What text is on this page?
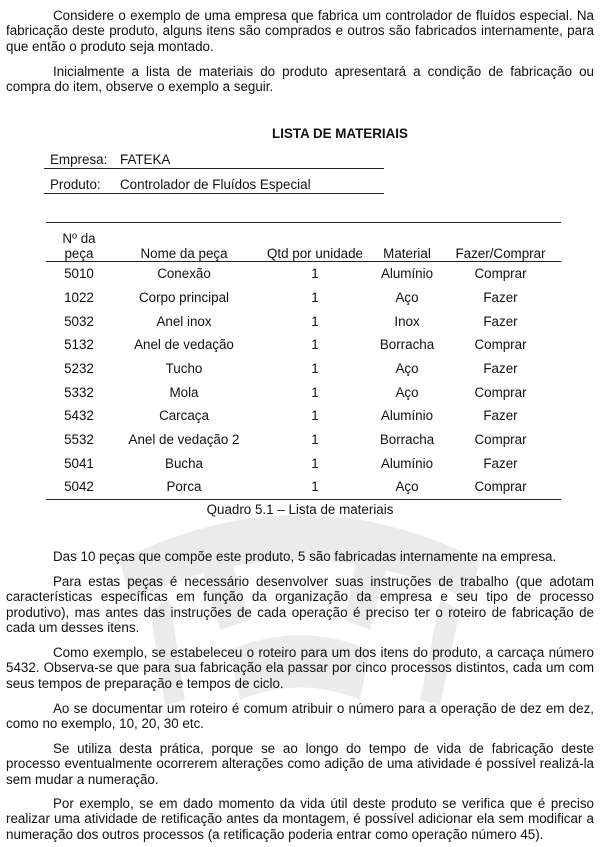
Considere o exemplo de uma empresa que fabrica um controlador de fluídos especial. Na fabricação deste produto, alguns itens são comprados e outros são fabricados internamente, para que então o produto seja montado.

Inicialmente a lista de materiais do produto apresentará a condição de fabricação ou compra do item, observe o exemplo a seguir.

LISTA DE MATERIAIS
Empresa: FATEKA
Produto: Controlador de Fluídos Especial
Nº da
peça	Nome da peça	Qtd por unidade	Material	Fazer/Comprar
5010	Conexão	1	Alumínio	Comprar
1022	Corpo principal	1	Aço	Fazer
5032	Anel inox	1	Inox	Fazer
5132	Anel de vedação	1	Borracha	Comprar
5232	Tucho	1	Aço	Fazer
5332	Mola	1	Aço	Comprar
5432	Carcaça	1	Alumínio	Fazer
5532	Anel de vedação 2	1	Borracha	Comprar
5041	Bucha	1	Alumínio	Fazer
5042	Porca	1	Aço	Comprar
Quadro 5.1 – Lista de materiais

Das 10 peças que compõe este produto, 5 são fabricadas internamente na empresa.

Para estas peças é necessário desenvolver suas instruções de trabalho (que adotam características específicas em função da organização da empresa e seu tipo de processo produtivo), mas antes das instruções de cada operação é preciso ter o roteiro de fabricação de cada um desses itens.

Como exemplo, se estabeleceu o roteiro para um dos itens do produto, a carcaça número 5432. Observa-se que para sua fabricação ela passar por cinco processos distintos, cada um com seus tempos de preparação e tempos de ciclo.

Ao se documentar um roteiro é comum atribuir o número para a operação de dez em dez, como no exemplo, 10, 20, 30 etc.

Se utiliza desta prática, porque se ao longo do tempo de vida de fabricação deste processo eventualmente ocorrerem alterações como adição de uma atividade é possível realizá-la sem mudar a numeração.

Por exemplo, se em dado momento da vida útil deste produto se verifica que é preciso realizar uma atividade de retificação antes da montagem, é possível adicionar ela sem modificar a numeração dos outros processos (a retificação poderia entrar como operação número 45).
